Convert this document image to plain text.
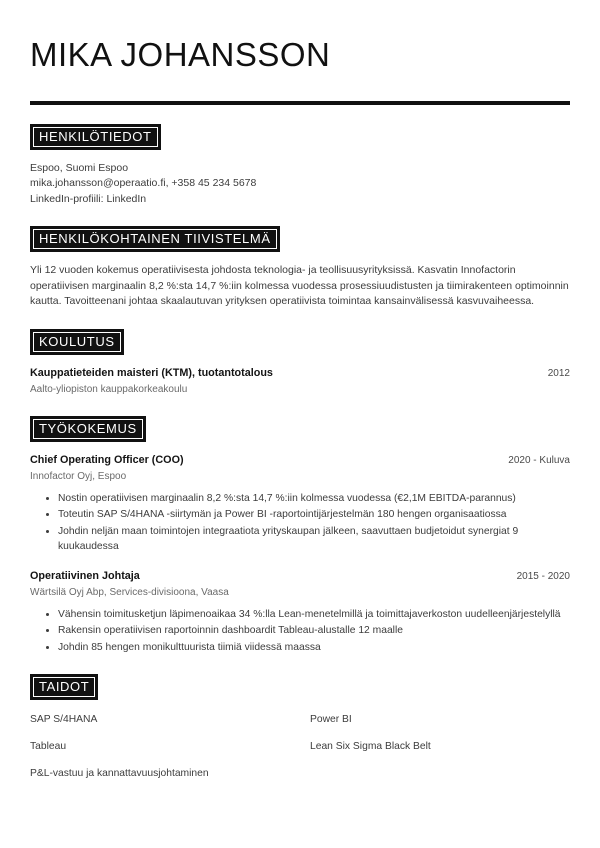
MIKA JOHANSSON
HENKILÖTIEDOT
Espoo, Suomi Espoo
mika.johansson@operaatio.fi, +358 45 234 5678
LinkedIn-profiili: LinkedIn
HENKILÖKOHTAINEN TIIVISTELMÄ

Yli 12 vuoden kokemus operatiivisesta johdosta teknologia- ja teollisuusyrityksissä. Kasvatin Innofactorin operatiivisen marginaalin 8,2 %:sta 14,7 %:iin kolmessa vuodessa prosessiuudistusten ja tiimirakenteen optimoinnin kautta. Tavoitteenani johtaa skaalautuvan yrityksen operatiivista toimintaa kansainvälisessä kasvuvaiheessa.

KOULUTUS
Kauppatieteiden maisteri (KTM), tuotantotalous	2012
Aalto-yliopiston kauppakorkeakoulu
TYÖKOKEMUS
Chief Operating Officer (COO)	2020 - Kuluva
Innofactor Oyj, Espoo
Nostin operatiivisen marginaalin 8,2 %:sta 14,7 %:iin kolmessa vuodessa (€2,1M EBITDA-parannus)
Toteutin SAP S/4HANA -siirtymän ja Power BI -raportointijärjestelmän 180 hengen organisaatiossa
Johdin neljän maan toimintojen integraatiota yrityskaupan jälkeen, saavuttaen budjetoidut synergiat 9 kuukaudessa
Operatiivinen Johtaja	2015 - 2020
Wärtsilä Oyj Abp, Services-divisioona, Vaasa
Vähensin toimitusketjun läpimenoaikaa 34 %:lla Lean-menetelmillä ja toimittajaverkoston uudelleenjärjestelyllä
Rakensin operatiivisen raportoinnin dashboardit Tableau-alustalle 12 maalle
Johdin 85 hengen monikulttuurista tiimiä viidessä maassa
TAIDOT
SAP S/4HANA	Power BI
Tableau	Lean Six Sigma Black Belt
P&L-vastuu ja kannattavuusjohtaminen
